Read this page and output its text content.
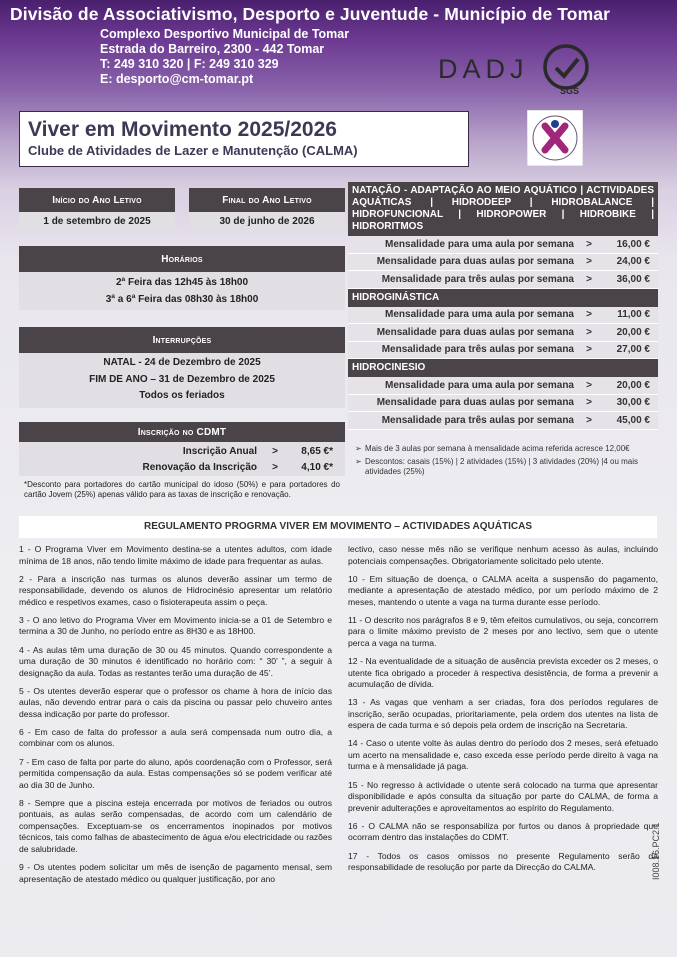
Divisão de Associativismo, Desporto e Juventude - Município de Tomar
Complexo Desportivo Municipal de Tomar
Estrada do Barreiro, 2300 - 442 Tomar
T: 249 310 320 | F: 249 310 329
E: desporto@cm-tomar.pt	DADJ
SGS
Viver em Movimento 2025/2026
Clube de Atividades de Lazer e Manutenção (CALMA)
Início do Ano Letivo
1 de setembro de 2025
Final do Ano Letivo
30 de junho de 2026
Horários
2ª Feira das 12h45 às 18h00
3ª a 6ª Feira das 08h30 às 18h00
Interrupções
NATAL - 24 de Dezembro de 2025
FIM DE ANO – 31 de Dezembro de 2025
Todos os feriados
Inscrição no CDMT
Inscrição Anual	>	8,65 €*
Renovação da Inscrição	>	4,10 €*
*Desconto para portadores do cartão municipal do idoso (50%) e para portadores do cartão Jovem (25%) apenas válido para as taxas de inscrição e renovação.
NATAÇÃO - ADAPTAÇÃO AO MEIO AQUÁTICO | ACTIVIDADES AQUÁTICAS | HIDRODEEP | HIDROBALANCE | HIDROFUNCIONAL | HIDROPOWER | HIDROBIKE | HIDRORITMOS
Mensalidade para uma aula por semana	>	16,00 €
Mensalidade para duas aulas por semana	>	24,00 €
Mensalidade para três aulas por semana	>	36,00 €
HIDROGINÁSTICA
Mensalidade para uma aula por semana	>	11,00 €
Mensalidade para duas aulas por semana	>	20,00 €
Mensalidade para três aulas por semana	>	27,00 €
HIDROCINESIO
Mensalidade para uma aula por semana	>	20,00 €
Mensalidade para duas aulas por semana	>	30,00 €
Mensalidade para três aulas por semana	>	45,00 €
➢ Mais de 3 aulas por semana à mensalidade acima referida acresce 12,00€
➢ Descontos: casais (15%) | 2 atividades (15%) | 3 atividades (20%) |4 ou mais atividades (25%)
REGULAMENTO PROGRMA VIVER EM MOVIMENTO – ACTIVIDADES AQUÁTICAS

1 - O Programa Viver em Movimento destina-se a utentes adultos, com idade mínima de 18 anos, não tendo limite máximo de idade para frequentar as aulas.

2 - Para a inscrição nas turmas os alunos deverão assinar um termo de responsabilidade, devendo os alunos de Hidrocinésio apresentar um relatório médico e respetivos exames, caso o fisioterapeuta assim o peça.

3 - O ano letivo do Programa Viver em Movimento inicia-se a 01 de Setembro e termina a 30 de Junho, no período entre as 8H30 e as 18H00.

4 - As aulas têm uma duração de 30 ou 45 minutos. Quando correspondente a uma duração de 30 minutos é identificado no horário com: “ 30’ ”, a seguir à designação da aula. Todas as restantes terão uma duração de 45’.

5 - Os utentes deverão esperar que o professor os chame à hora de início das aulas, não devendo entrar para o cais da piscina ou passar pelo chuveiro antes dessa indicação por parte do professor.

6 - Em caso de falta do professor a aula será compensada num outro dia, a combinar com os alunos.

7 - Em caso de falta por parte do aluno, após coordenação com o Professor, será permitida compensação da aula. Estas compensações só se podem verificar até ao dia 30 de Junho.

8 - Sempre que a piscina esteja encerrada por motivos de feriados ou outros pontuais, as aulas serão compensadas, de acordo com um calendário de compensações. Exceptuam-se os encerramentos inopinados por motivos técnicos, tais como falhas de abastecimento de água e/ou electricidade ou razões de salubridade.

9 - Os utentes podem solicitar um mês de isenção de pagamento mensal, sem apresentação de atestado médico ou qualquer justificação, por ano

lectivo, caso nesse mês não se verifique nenhum acesso às aulas, incluindo potenciais compensações. Obrigatoriamente solicitado pelo utente.

10 - Em situação de doença, o CALMA aceita a suspensão do pagamento, mediante a apresentação de atestado médico, por um período máximo de 2 meses, mantendo o utente a vaga na turma durante esse período.

11 - O descrito nos parágrafos 8 e 9, têm efeitos cumulativos, ou seja, concorrem para o limite máximo previsto de 2 meses por ano lectivo, sem que o utente perca a vaga na turma.

12 - Na eventualidade de a situação de ausência prevista exceder os 2 meses, o utente fica obrigado a proceder à respectiva desistência, de forma a prevenir a acumulação de dívida.

13 - As vagas que venham a ser criadas, fora dos períodos regulares de inscrição, serão ocupadas, prioritariamente, pela ordem dos utentes na lista de espera de cada turma e só depois pela ordem de inscrição na Secretaria.

14 - Caso o utente volte às aulas dentro do período dos 2 meses, será efetuado um acerto na mensalidade e, caso exceda esse período perde direito à vaga na turma e à mensalidade já paga.

15 - No regresso à actividade o utente será colocado na turma que apresentar disponibilidade e após consulta da situação por parte do CALMA, de forma a prevenir adulterações e aproveitamentos ao espírito do Regulamento.

16 - O CALMA não se responsabiliza por furtos ou danos à propriedade que ocorram dentro das instalações do CDMT.

17 - Todos os casos omissos no presente Regulamento serão da responsabilidade de resolução por parte da Direcção do CALMA.	I008.16.PC2.1
